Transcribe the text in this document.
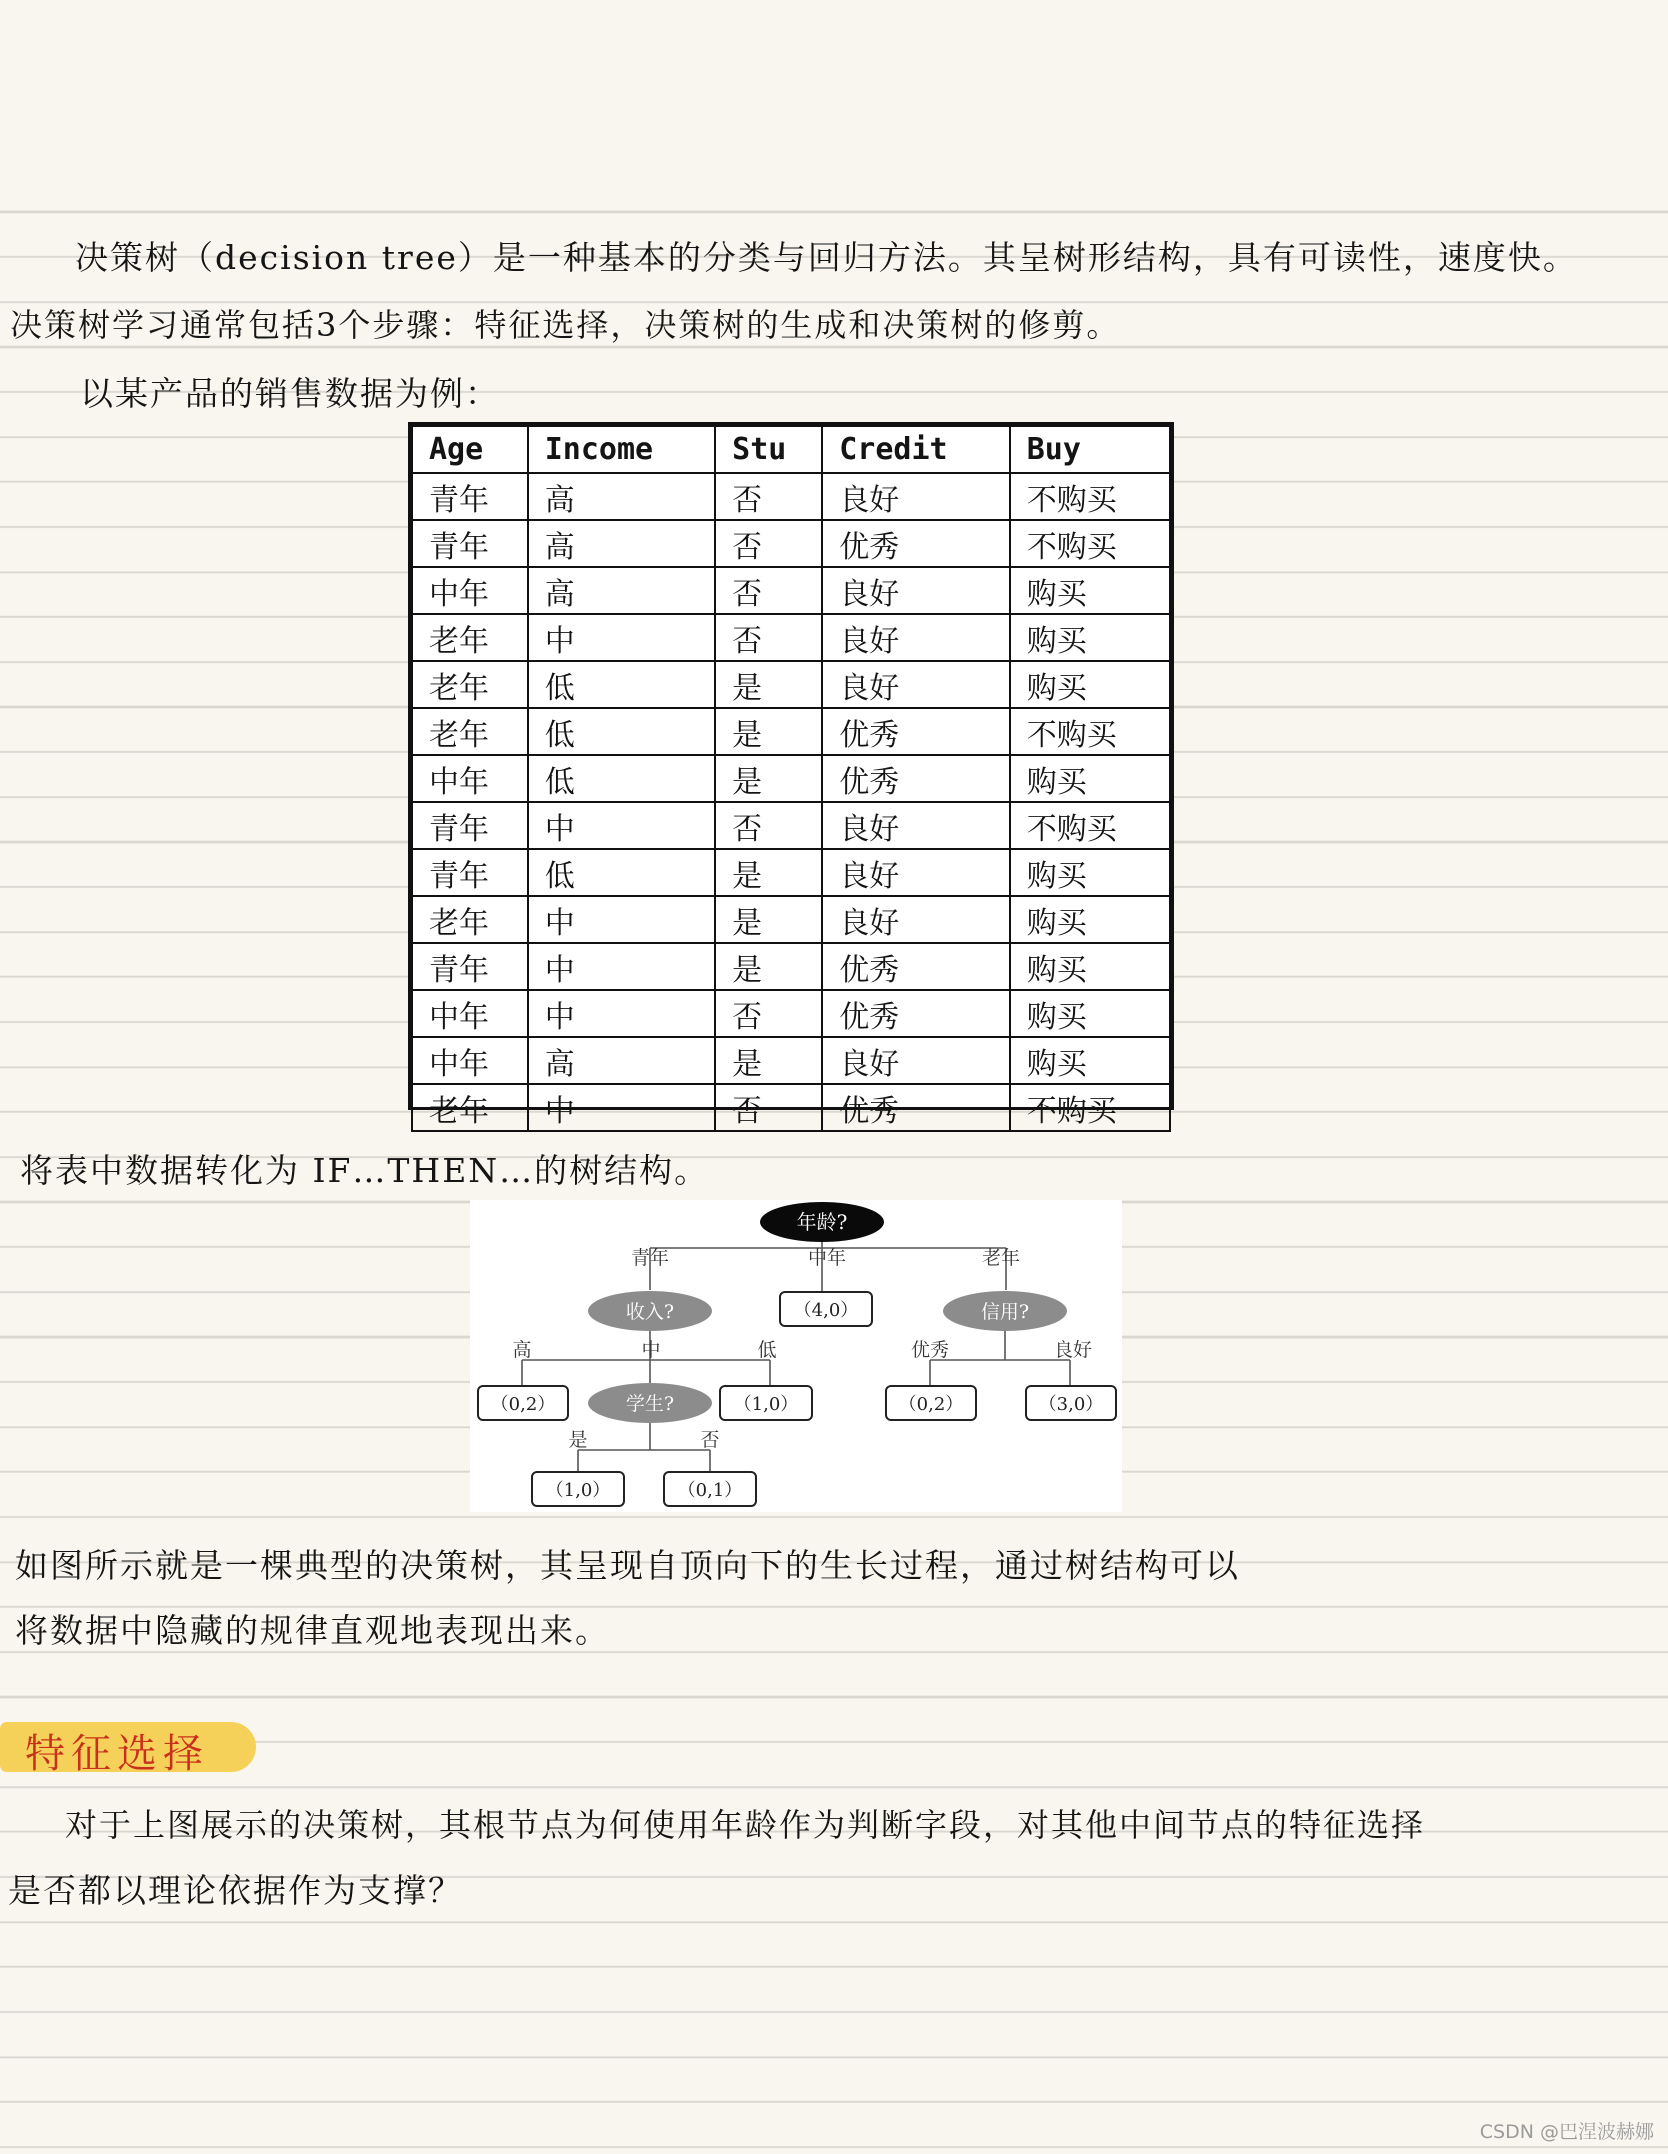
决策树（decision tree）是一种基本的分类与回归方法。其呈树形结构，具有可读性，速度快。
决策树学习通常包括3个步骤：特征选择，决策树的生成和决策树的修剪。
以某产品的销售数据为例：
Age	Income	Stu	Credit	Buy
青年	高	否	良好	不购买
青年	高	否	优秀	不购买
中年	高	否	良好	购买
老年	中	否	良好	购买
老年	低	是	良好	购买
老年	低	是	优秀	不购买
中年	低	是	优秀	购买
青年	中	否	良好	不购买
青年	低	是	良好	购买
老年	中	是	良好	购买
青年	中	是	优秀	购买
中年	中	否	优秀	购买
中年	高	是	良好	购买
老年	中	否	优秀	不购买
将表中数据转化为 IF…THEN…的树结构。
年龄?
青年	中年	老年
收入?	（4,0）	信用?
高	中	低	优秀	良好
（0,2）	学生?	（1,0）	（0,2）	（3,0）
是	否
（1,0）	（0,1）
如图所示就是一棵典型的决策树，其呈现自顶向下的生长过程，通过树结构可以
将数据中隐藏的规律直观地表现出来。
特征选择
对于上图展示的决策树，其根节点为何使用年龄作为判断字段，对其他中间节点的特征选择
是否都以理论依据作为支撑？
CSDN @巴涅波赫娜
